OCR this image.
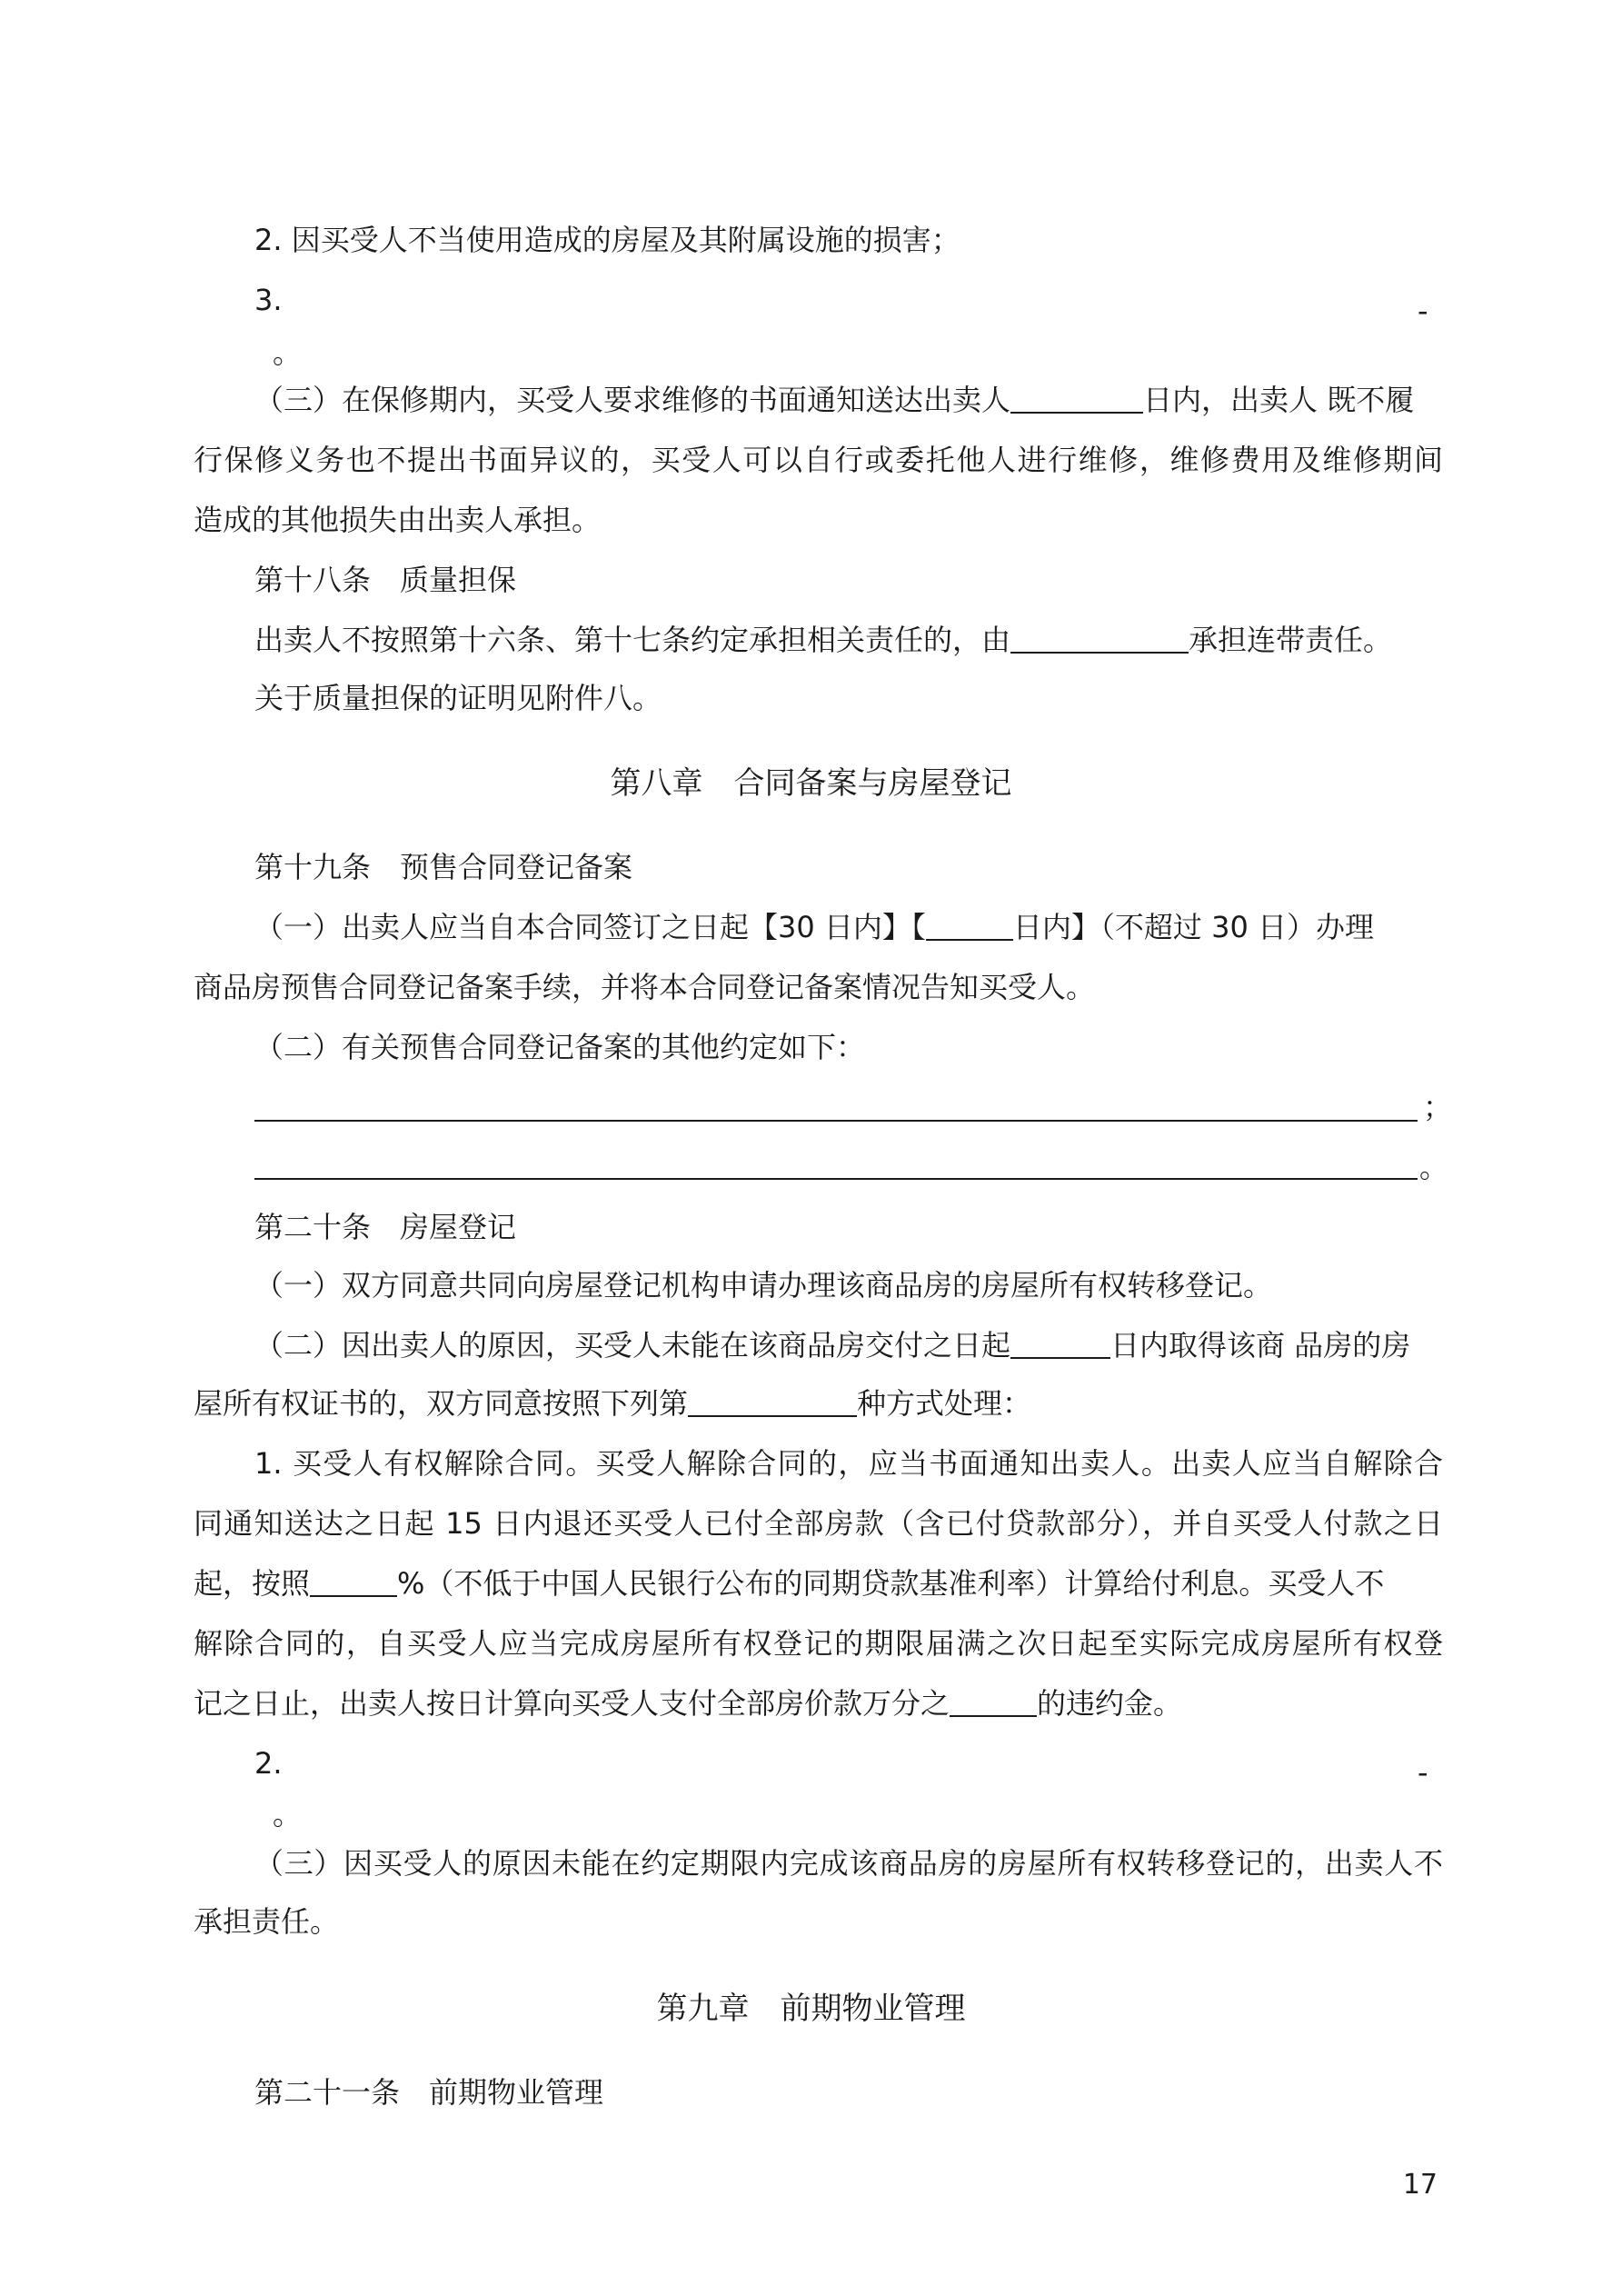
2. 因买受人不当使用造成的房屋及其附属设施的损害；

3.	-
。

（三）在保修期内，买受人要求维修的书面通知送达出卖人	日内，出卖人 既不履

行保修义务也不提出书面异议的，买受人可以自行或委托他人进行维修，维修费用及维修期间

造成的其他损失由出卖人承担。

第十八条　质量担保

出卖人不按照第十六条、第十七条约定承担相关责任的，由	承担连带责任。

关于质量担保的证明见附件八。

第八章　合同备案与房屋登记

第十九条　预售合同登记备案

（一）出卖人应当自本合同签订之日起【30 日内】【	日内】（不超过 30 日）办理

商品房预售合同登记备案手续，并将本合同登记备案情况告知买受人。

（二）有关预售合同登记备案的其他约定如下：

；
。

第二十条　房屋登记

（一）双方同意共同向房屋登记机构申请办理该商品房的房屋所有权转移登记。

（二）因出卖人的原因，买受人未能在该商品房交付之日起	日内取得该商 品房的房

屋所有权证书的，双方同意按照下列第	种方式处理：

1. 买受人有权解除合同。买受人解除合同的，应当书面通知出卖人。出卖人应当自解除合

同通知送达之日起 15 日内退还买受人已付全部房款（含已付贷款部分），并自买受人付款之日

起，按照	%（不低于中国人民银行公布的同期贷款基准利率）计算给付利息。买受人不

解除合同的，自买受人应当完成房屋所有权登记的期限届满之次日起至实际完成房屋所有权登

记之日止，出卖人按日计算向买受人支付全部房价款万分之	的违约金。

2.	-
。

（三）因买受人的原因未能在约定期限内完成该商品房的房屋所有权转移登记的，出卖人不

承担责任。

第九章　前期物业管理

第二十一条　前期物业管理

17
